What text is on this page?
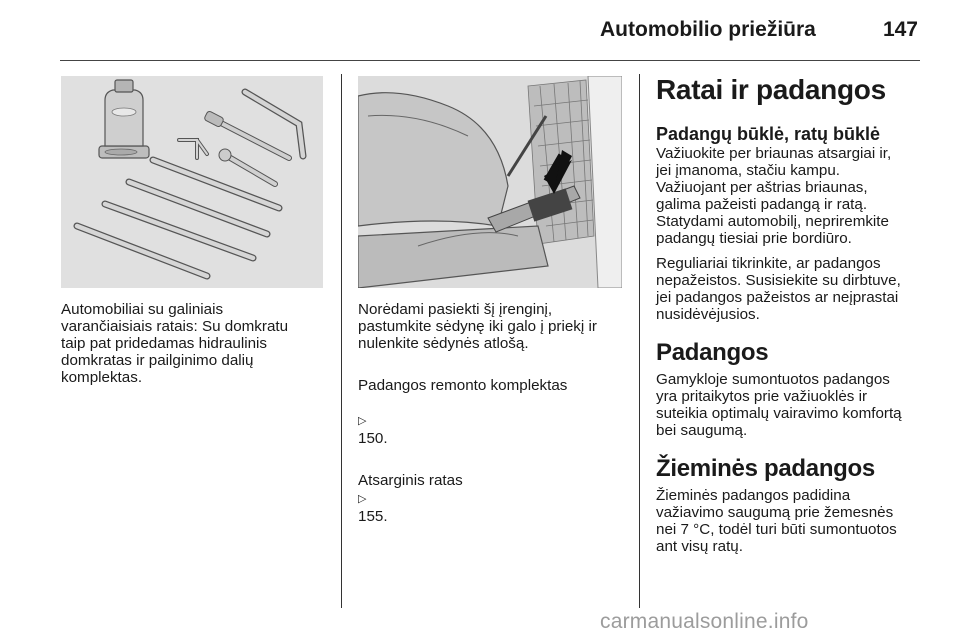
Automobilio priežiūra	147

Automobiliai su galiniais
varančiaisiais ratais: Su domkratu
taip pat pridedamas hidraulinis
domkratas ir pailginimo dalių
komplektas.

Norėdami pasiekti šį įrenginį,
pastumkite sėdynę iki galo į priekį ir
nulenkite sėdynės atlošą.

Padangos remonto komplektas

▷
150.

Atsarginis ratas
▷
155.

Ratai ir padangos
Padangų būklė, ratų būklė

Važiuokite per briaunas atsargiai ir,
jei įmanoma, stačiu kampu.
Važiuojant per aštrias briaunas,
galima pažeisti padangą ir ratą.
Statydami automobilį, nepriremkite
padangų tiesiai prie bordiūro.

Reguliariai tikrinkite, ar padangos
nepažeistos. Susisiekite su dirbtuve,
jei padangos pažeistos ar neįprastai
nusidėvėjusios.

Padangos

Gamykloje sumontuotos padangos
yra pritaikytos prie važiuoklės ir
suteikia optimalų vairavimo komfortą
bei saugumą.

Žieminės padangos

Žieminės padangos padidina
važiavimo saugumą prie žemesnės
nei 7 °C, todėl turi būti sumontuotos
ant visų ratų.

carmanualsonline.info
